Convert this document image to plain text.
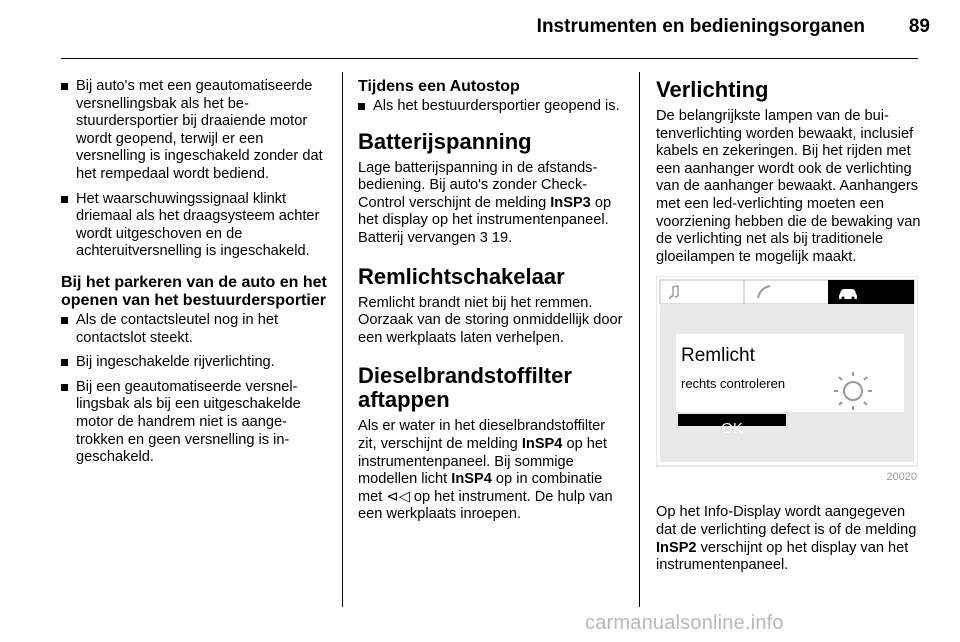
Instrumenten en bedieningsorganen 89
Bij auto's met een geautomatiseerde versnellingsbak als het bestuurdersportier bij draaiende motor wordt geopend, terwijl er een versnelling is ingeschakeld zonder dat het rempedaal wordt bediend.
Het waarschuwingssignaal klinkt driemaal als het draagsysteem achter wordt uitgeschoven en de achteruitversnelling is ingeschakeld.
Bij het parkeren van de auto en het openen van het bestuurdersportier
Als de contactsleutel nog in het contactslot steekt.
Bij ingeschakelde rijverlichting.
Bij een geautomatiseerde versnellingsbak als bij een uitgeschakelde motor de handrem niet is aangetrokken en geen versnelling is ingeschakeld.
Tijdens een Autostop
Als het bestuurdersportier geopend is.
Batterijspanning

Lage batterijspanning in de afstandsbediening. Bij auto's zonder Check-Control verschijnt de melding InSP3 op het display op het instrumentenpaneel. Batterij vervangen 3 19.

Remlichtschakelaar

Remlicht brandt niet bij het remmen. Oorzaak van de storing onmiddellijk door een werkplaats laten verhelpen.

Dieselbrandstoffilter aftappen

Als er water in het dieselbrandstoffilter zit, verschijnt de melding InSP4 op het instrumentenpaneel. Bij sommige modellen licht InSP4 op in combinatie met ⊲◁ op het instrument. De hulp van een werkplaats inroepen.

Verlichting

De belangrijkste lampen van de buitenverlichting worden bewaakt, inclusief kabels en zekeringen. Bij het rijden met een aanhanger wordt ook de verlichting van de aanhanger bewaakt. Aanhangers met een led-verlichting moeten een voorziening hebben die de bewaking van de verlichting net als bij traditionele gloeilampen te mogelijk maakt.

Remlicht
rechts controleren
OK
20020

Op het Info-Display wordt aangegeven dat de verlichting defect is of de melding InSP2 verschijnt op het display van het instrumentenpaneel.

carmanualsonline.info
